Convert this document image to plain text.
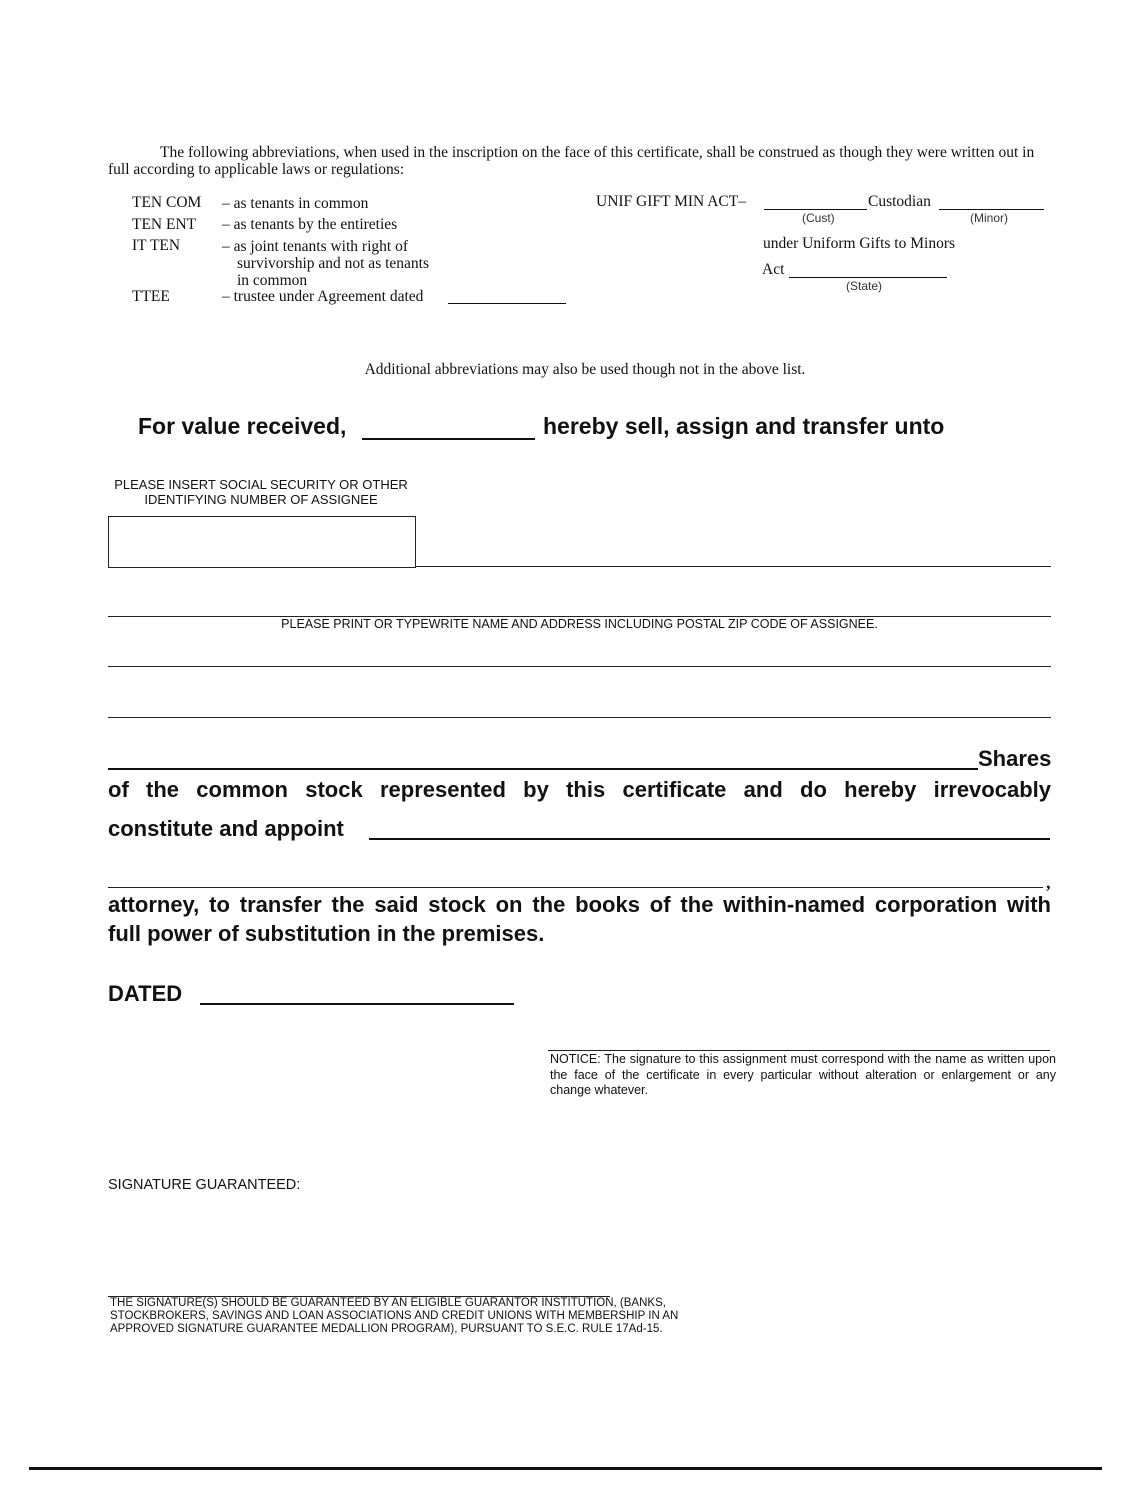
The following abbreviations, when used in the inscription on the face of this certificate, shall be construed as though they were written out in full according to applicable laws or regulations:
TEN COM – as tenants in common
TEN ENT – as tenants by the entireties
IT TEN	– as joint tenants with right of
survivorship and not as tenants
in common
TTEE	– trustee under Agreement dated
UNIF GIFT MIN ACT–
(Cust)
Custodian
(Minor)
under Uniform Gifts to Minors
Act
(State)
Additional abbreviations may also be used though not in the above list.
For value received,	hereby sell, assign and transfer unto
PLEASE INSERT SOCIAL SECURITY OR OTHER
IDENTIFYING NUMBER OF ASSIGNEE
PLEASE PRINT OR TYPEWRITE NAME AND ADDRESS INCLUDING POSTAL ZIP CODE OF ASSIGNEE.
Shares
of the common stock represented by this certificate and do hereby irrevocably
constitute and appoint
,
attorney, to transfer the said stock on the books of the within-named corporation with
full power of substitution in the premises.
DATED
NOTICE: The signature to this assignment must correspond with the name as written upon the face of the certificate in every particular without alteration or enlargement or any change whatever.
SIGNATURE GUARANTEED:
THE SIGNATURE(S) SHOULD BE GUARANTEED BY AN ELIGIBLE GUARANTOR INSTITUTION, (BANKS,
STOCKBROKERS, SAVINGS AND LOAN ASSOCIATIONS AND CREDIT UNIONS WITH MEMBERSHIP IN AN
APPROVED SIGNATURE GUARANTEE MEDALLION PROGRAM), PURSUANT TO S.E.C. RULE 17Ad-15.
